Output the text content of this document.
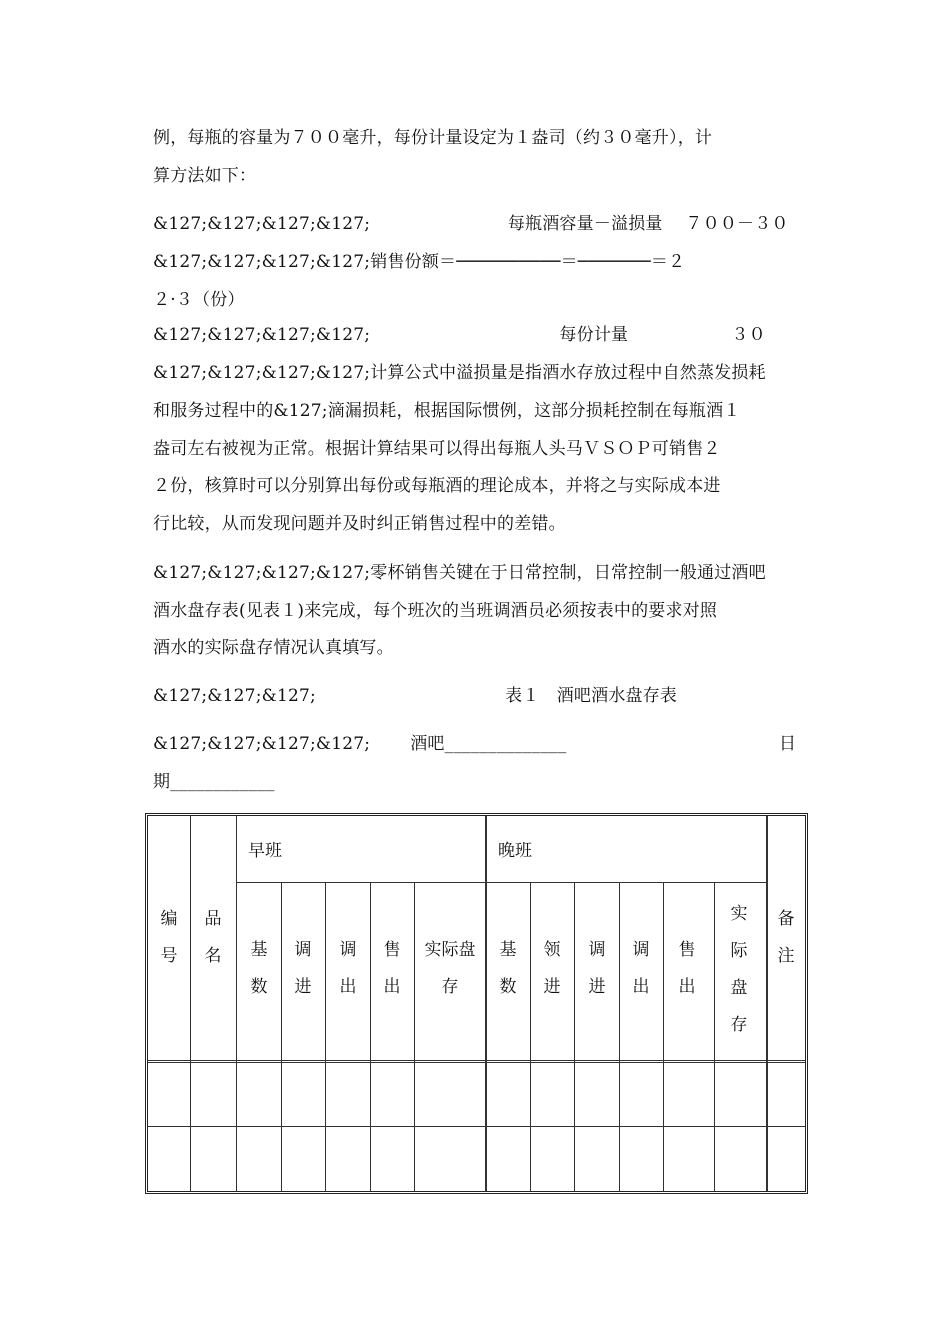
例，每瓶的容量为７００毫升，每份计量设定为１盎司（约３０毫升），计
算方法如下：
&127;&127;&127;&127;　　　　　　　　每瓶酒容量－溢损量　 ７００－３０
&127;&127;&127;&127;销售份额＝──────────＝───────＝２
２·３（份）
&127;&127;&127;&127;　　　　　　　　　　　每份计量　　　　　　３０
&127;&127;&127;&127;计算公式中溢损量是指酒水存放过程中自然蒸发损耗
和服务过程中的&127;滴漏损耗，根据国际惯例，这部分损耗控制在每瓶酒１
盎司左右被视为正常。根据计算结果可以得出每瓶人头马ＶＳＯＰ可销售２
２份，核算时可以分别算出每份或每瓶酒的理论成本，并将之与实际成本进
行比较，从而发现问题并及时纠正销售过程中的差错。
&127;&127;&127;&127;零杯销售关键在于日常控制，日常控制一般通过酒吧
酒水盘存表(见表１)来完成，每个班次的当班调酒员必须按表中的要求对照
酒水的实际盘存情况认真填写。
&127;&127;&127;　　　　　　　　　　　表１　酒吧酒水盘存表
&127;&127;&127;&127;　　 酒吧______________	日
期____________
编号
品名
早班	晚班
备注
基数
调进
调出
售出
实际盘存
基数
领进
调进
调出
售出
实际盘存
